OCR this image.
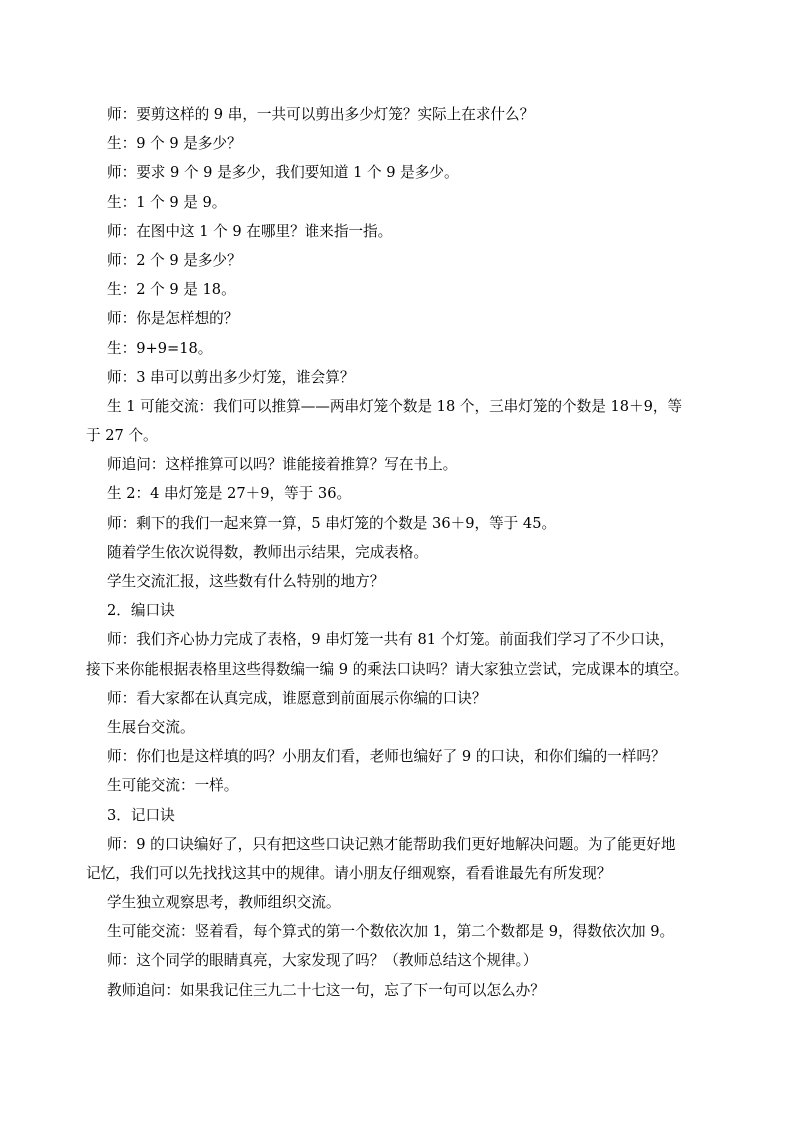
师：要剪这样的 9 串，一共可以剪出多少灯笼？实际上在求什么？
生：9 个 9 是多少？
师：要求 9 个 9 是多少，我们要知道 1 个 9 是多少。
生：1 个 9 是 9。
师：在图中这 1 个 9 在哪里？谁来指一指。
师：2 个 9 是多少？
生：2 个 9 是 18。
师：你是怎样想的？
生：9+9=18。
师：3 串可以剪出多少灯笼，谁会算？
生 1 可能交流：我们可以推算——两串灯笼个数是 18 个，三串灯笼的个数是 18＋9，等
于 27 个。
师追问：这样推算可以吗？谁能接着推算？写在书上。
生 2：4 串灯笼是 27＋9，等于 36。
师：剩下的我们一起来算一算，5 串灯笼的个数是 36＋9，等于 45。
随着学生依次说得数，教师出示结果，完成表格。
学生交流汇报，这些数有什么特别的地方？
2．编口诀
师：我们齐心协力完成了表格，9 串灯笼一共有 81 个灯笼。前面我们学习了不少口诀，
接下来你能根据表格里这些得数编一编 9 的乘法口诀吗？请大家独立尝试，完成课本的填空。
师：看大家都在认真完成，谁愿意到前面展示你编的口诀？
生展台交流。
师：你们也是这样填的吗？小朋友们看，老师也编好了 9 的口诀，和你们编的一样吗？
生可能交流：一样。
3．记口诀
师：9 的口诀编好了，只有把这些口诀记熟才能帮助我们更好地解决问题。为了能更好地
记忆，我们可以先找找这其中的规律。请小朋友仔细观察，看看谁最先有所发现？
学生独立观察思考，教师组织交流。
生可能交流：竖着看，每个算式的第一个数依次加 1，第二个数都是 9，得数依次加 9。
师：这个同学的眼睛真亮，大家发现了吗？（教师总结这个规律。）
教师追问：如果我记住三九二十七这一句，忘了下一句可以怎么办？
